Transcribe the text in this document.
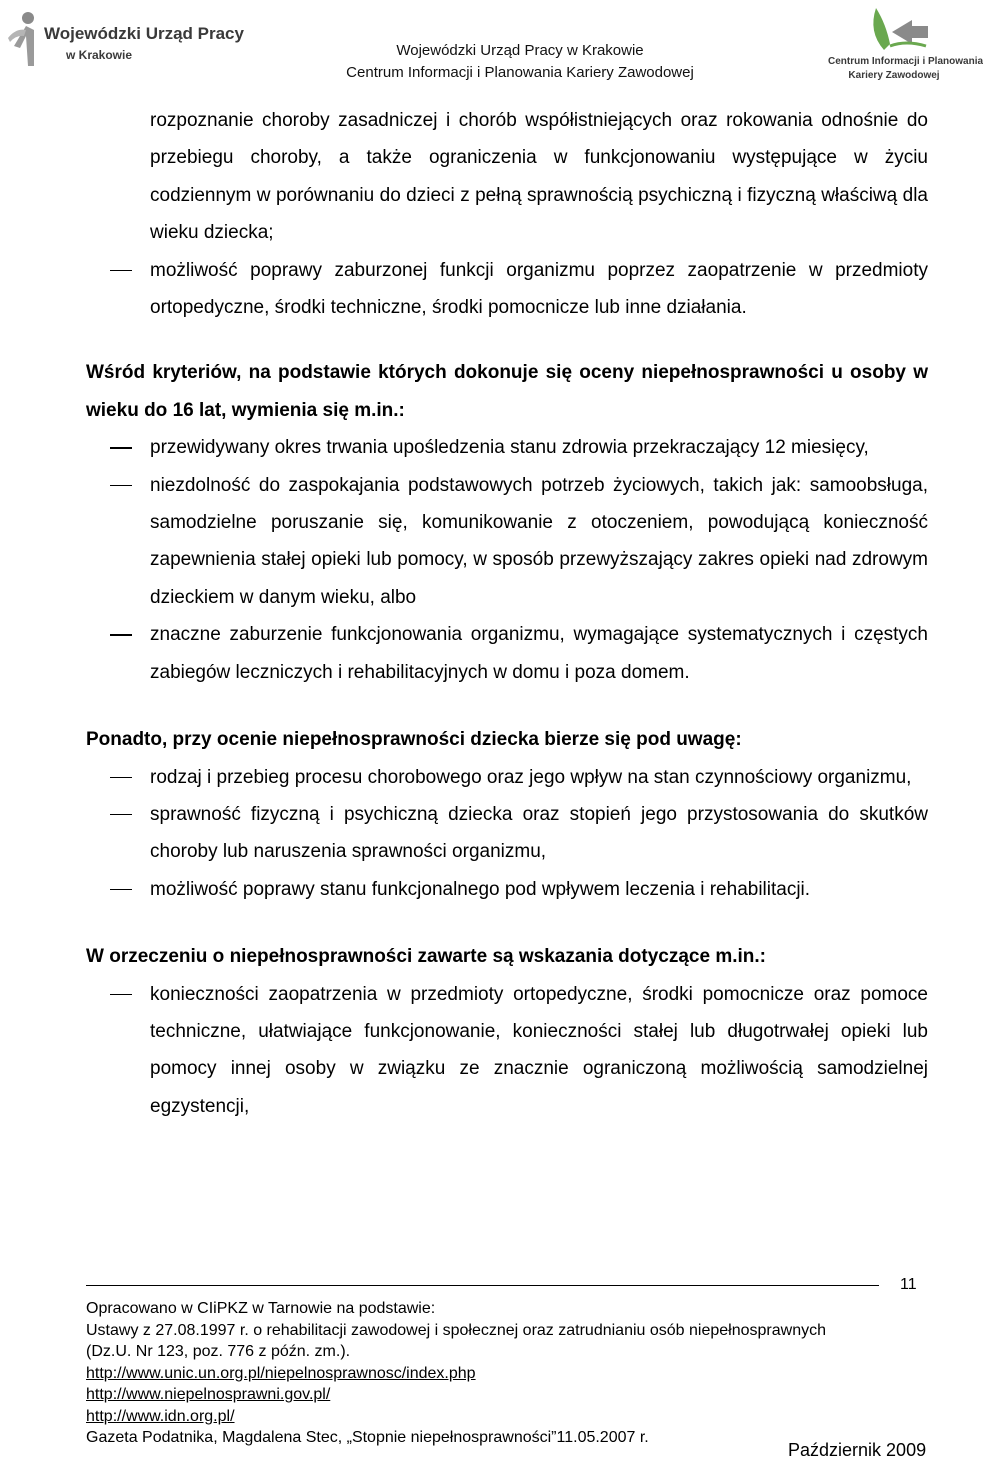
Wojewódzki Urząd Pracy
w Krakowie	Wojewódzki Urząd Pracy w Krakowie
Centrum Informacji i Planowania Kariery Zawodowej
Centrum Informacji i Planowania
Kariery Zawodowej

rozpoznanie choroby zasadniczej i chorób współistniejących oraz rokowania odnośnie do przebiegu choroby, a także ograniczenia w funkcjonowaniu występujące w życiu codziennym w porównaniu do dzieci z pełną sprawnością psychiczną i fizyczną właściwą dla wieku dziecka;

możliwość poprawy zaburzonej funkcji organizmu poprzez zaopatrzenie w przedmioty ortopedyczne, środki techniczne, środki pomocnicze lub inne działania.

Wśród kryteriów, na podstawie których dokonuje się oceny niepełnosprawności u osoby w wieku do 16 lat, wymienia się m.in.:

przewidywany okres trwania upośledzenia stanu zdrowia przekraczający 12 miesięcy,

niezdolność do zaspokajania podstawowych potrzeb życiowych, takich jak: samoobsługa, samodzielne poruszanie się, komunikowanie z otoczeniem, powodującą konieczność zapewnienia stałej opieki lub pomocy, w sposób przewyższający zakres opieki nad zdrowym dzieckiem w danym wieku, albo

znaczne zaburzenie funkcjonowania organizmu, wymagające systematycznych i częstych zabiegów leczniczych i rehabilitacyjnych w domu i poza domem.

Ponadto, przy ocenie niepełnosprawności dziecka bierze się pod uwagę:

rodzaj i przebieg procesu chorobowego oraz jego wpływ na stan czynnościowy organizmu,

sprawność fizyczną i psychiczną dziecka oraz stopień jego przystosowania do skutków choroby lub naruszenia sprawności organizmu,

możliwość poprawy stanu funkcjonalnego pod wpływem leczenia i rehabilitacji.

W orzeczeniu o niepełnosprawności zawarte są wskazania dotyczące m.in.:

konieczności zaopatrzenia w przedmioty ortopedyczne, środki pomocnicze oraz pomoce techniczne, ułatwiające funkcjonowanie, konieczności stałej lub długotrwałej opieki lub pomocy innej osoby w związku ze znacznie ograniczoną możliwością samodzielnej egzystencji,

11
Opracowano w CIiPKZ w Tarnowie na podstawie:
Ustawy z 27.08.1997 r. o rehabilitacji zawodowej i społecznej oraz zatrudnianiu osób niepełnosprawnych
(Dz.U. Nr 123, poz. 776 z późn. zm.).
http://www.unic.un.org.pl/niepelnosprawnosc/index.php
http://www.niepelnosprawni.gov.pl/
http://www.idn.org.pl/
Gazeta Podatnika, Magdalena Stec, „Stopnie niepełnosprawności”11.05.2007 r.
Październik 2009
